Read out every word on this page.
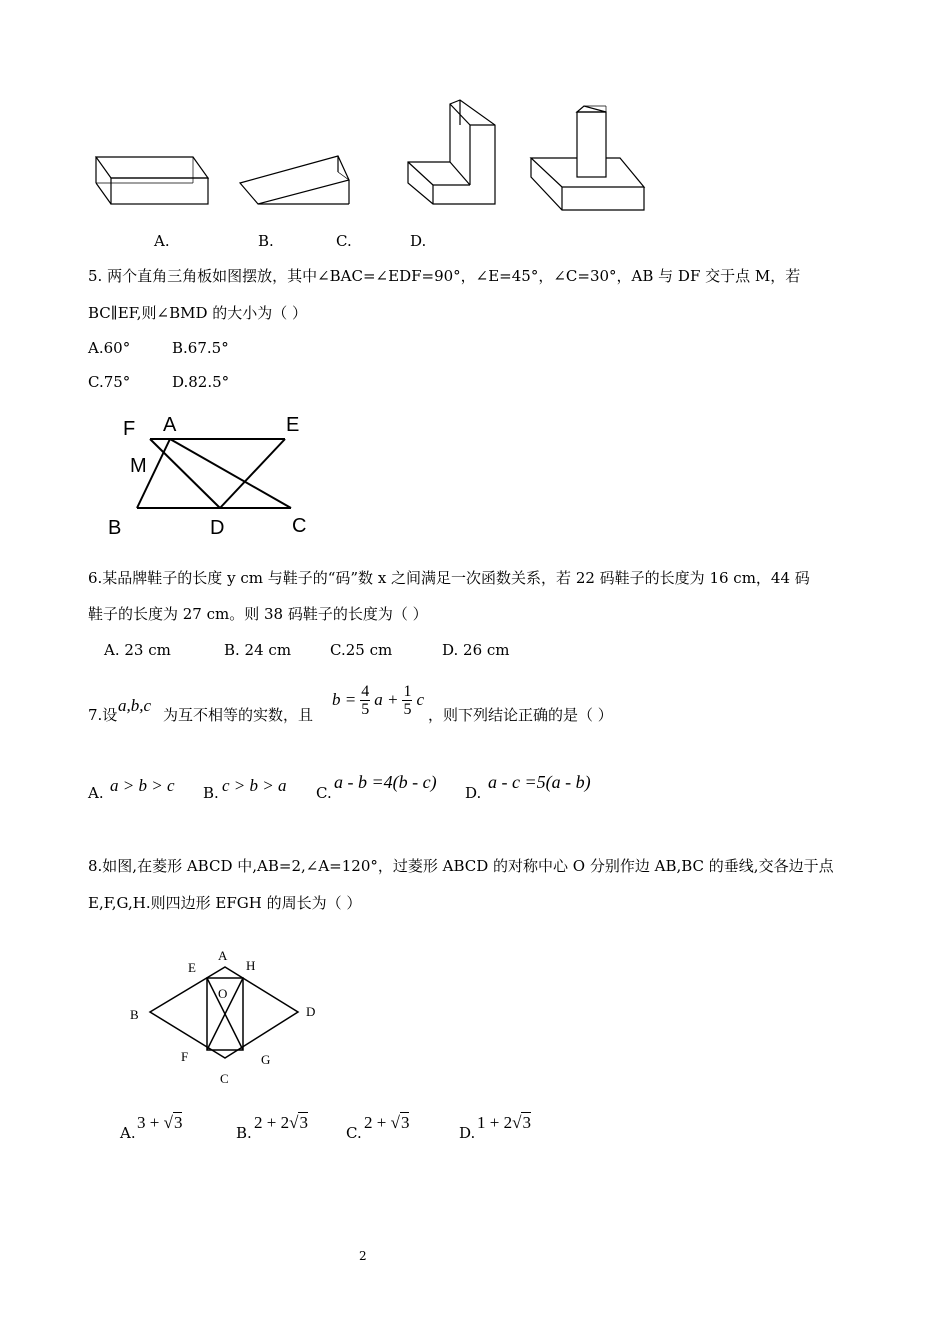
A.	B.	C.	D.
5. 两个直角三角板如图摆放，其中∠BAC=∠EDF=90°，∠E=45°，∠C=30°，AB 与 DF 交于点 M，若
BC∥EF,则∠BMD 的大小为（ ）
A.60°	B.67.5°
C.75°	D.82.5°
F A	E
M
B	D	C
6.某品牌鞋子的长度 y cm 与鞋子的“码”数 x 之间满足一次函数关系，若 22 码鞋子的长度为 16 cm，44 码
鞋子的长度为 27 cm。则 38 码鞋子的长度为（ ）
A. 23 cm	B. 24 cm	C.25 cm	D. 26 cm
7.设 a,b,c 为互不相等的实数，且
$b = \frac{4}{5}$ $a + \frac{1}{5}$ c
，则下列结论正确的是（ ）
A. a > b > c B. c > b > a C.
a - b =4(b - c)
D.
a - c =5(a - b)
8.如图,在菱形 ABCD 中,AB=2,∠A=120°，过菱形 ABCD 的对称中心 O 分别作边 AB,BC 的垂线,交各边于点
E,F,G,H.则四边形 EFGH 的周长为（ ）
A
E	H
O
B	D
F	G
C
A.
3 + √3
B.
2 + 2√3
C.
2 + √3
D.
1 + 2√3
2
